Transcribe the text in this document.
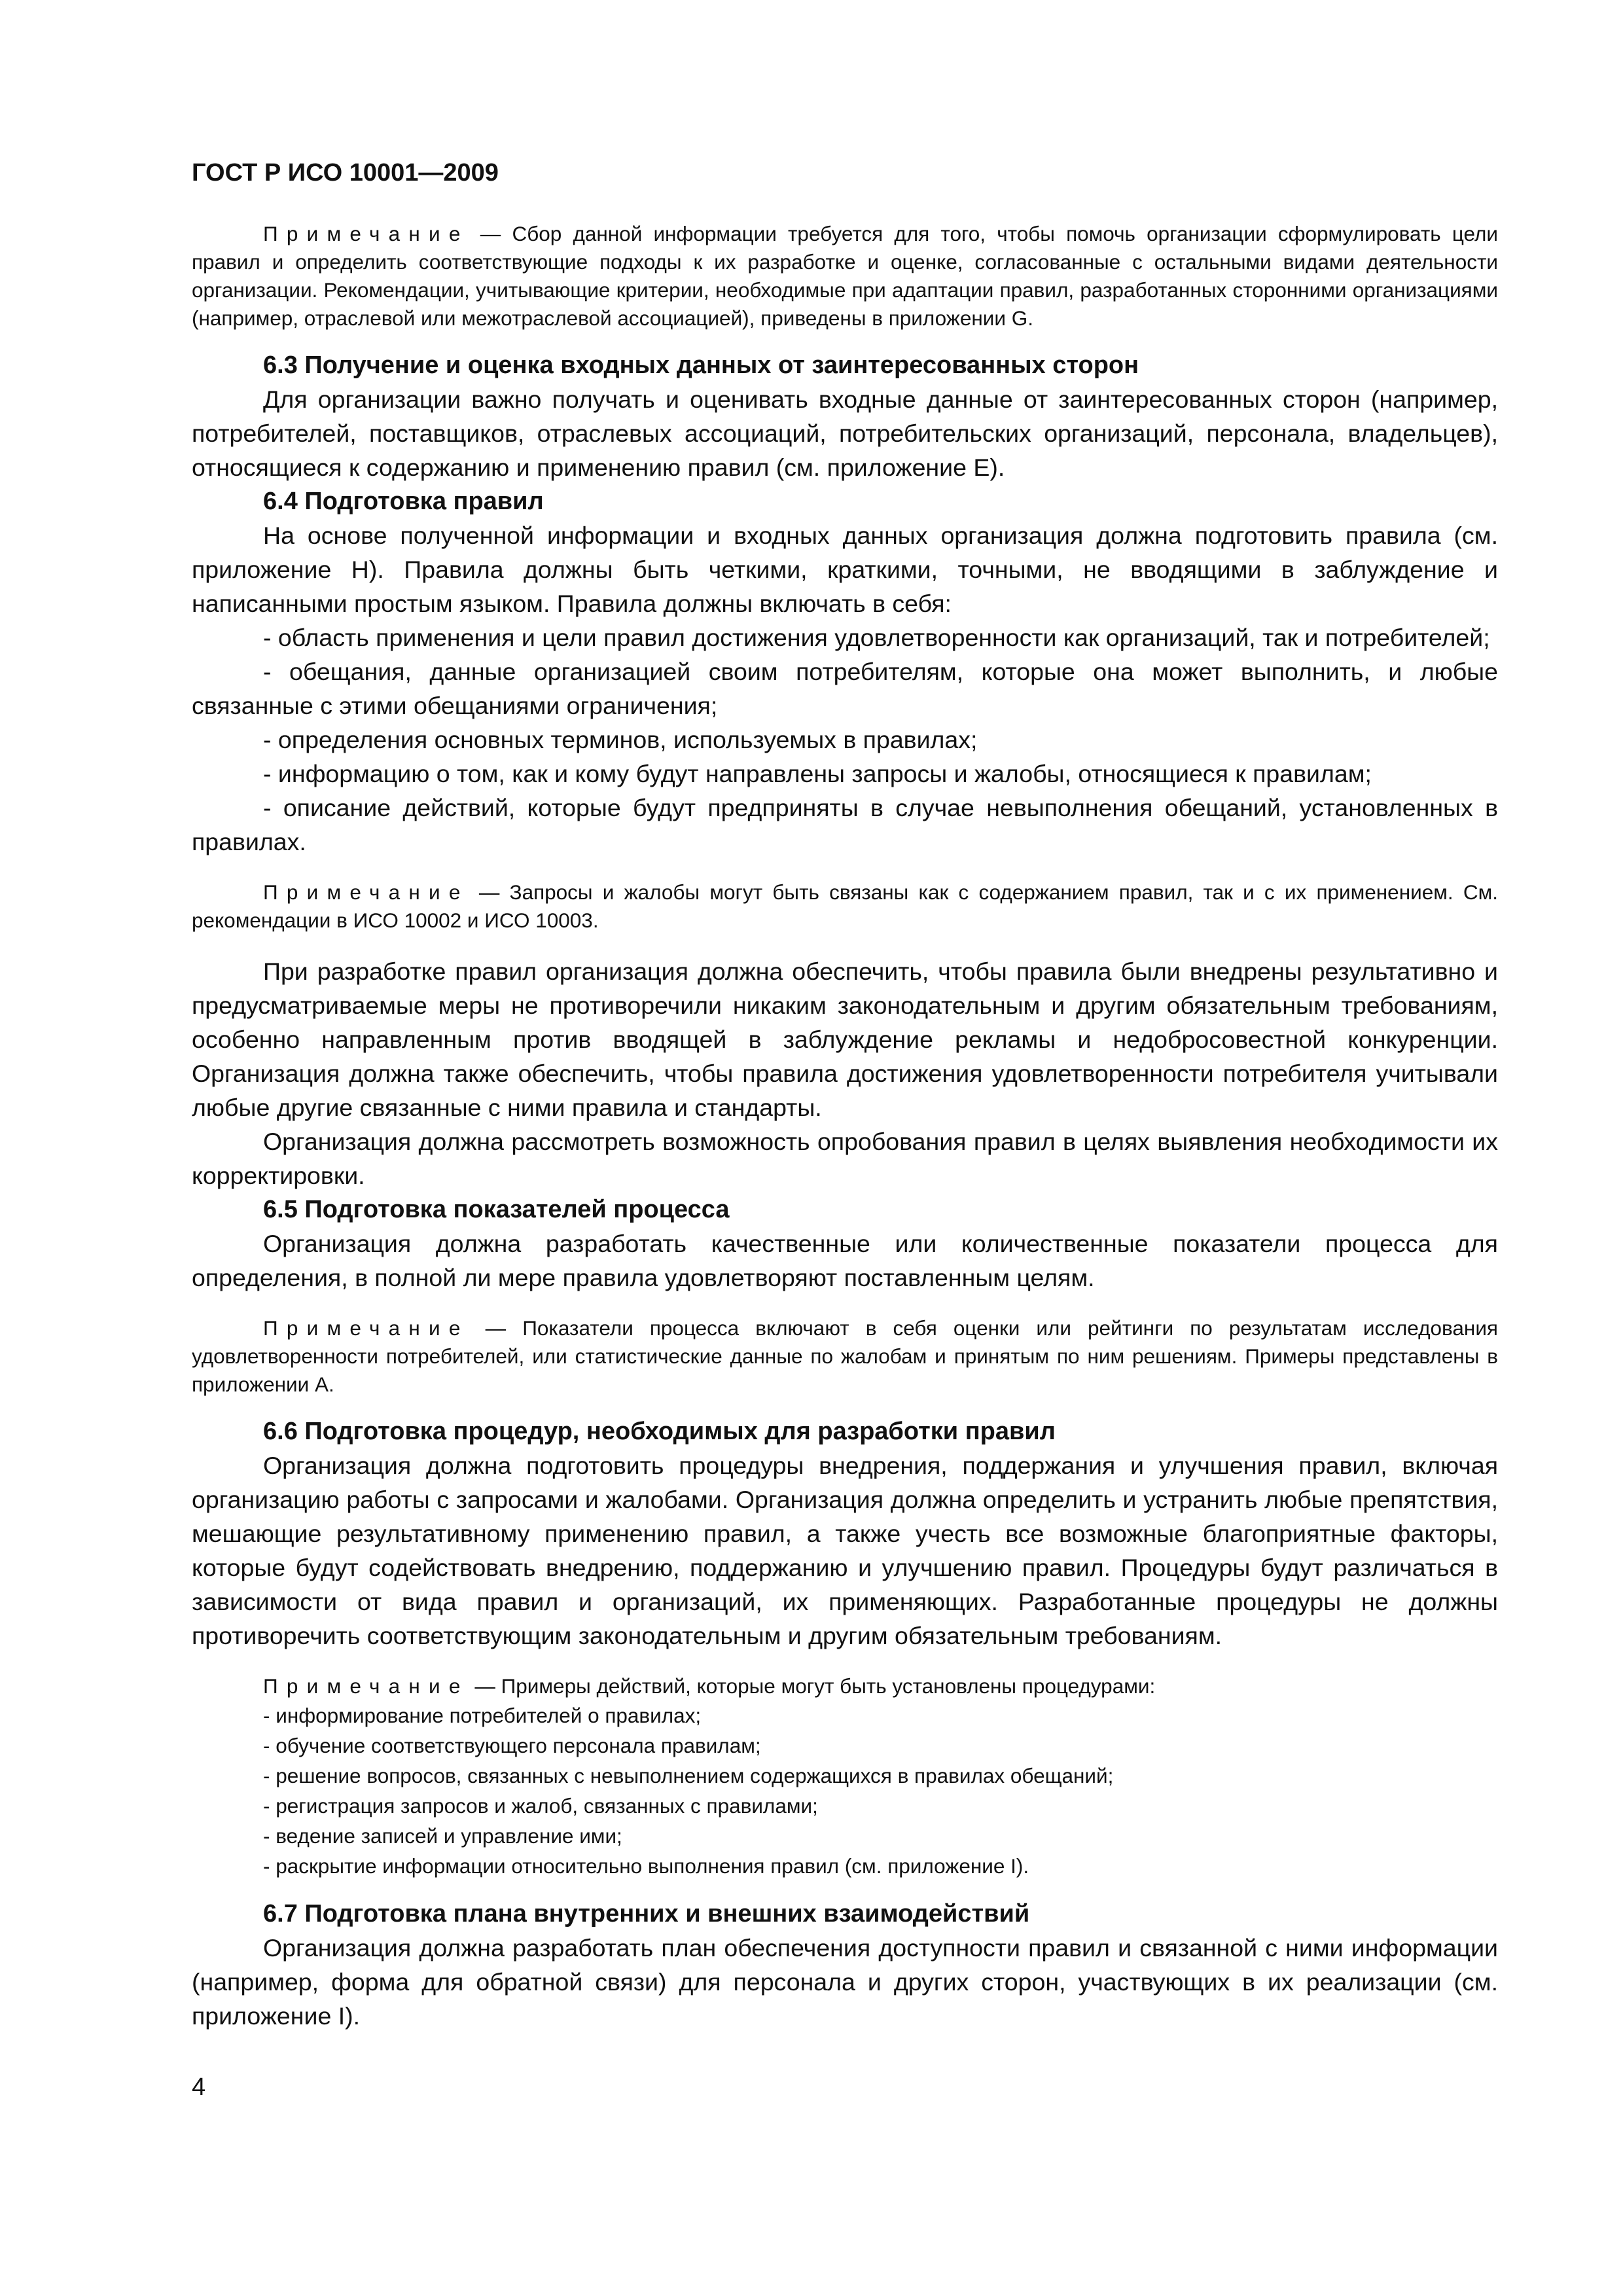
ГОСТ Р ИСО 10001—2009

Примечание — Сбор данной информации требуется для того, чтобы помочь организации сформулировать цели правил и определить соответствующие подходы к их разработке и оценке, согласованные с остальными видами деятельности организации. Рекомендации, учитывающие критерии, необходимые при адаптации правил, разработанных сторонними организациями (например, отраслевой или межотраслевой ассоциацией), приведены в приложении G.

6.3 Получение и оценка входных данных от заинтересованных сторон

Для организации важно получать и оценивать входные данные от заинтересованных сторон (например, потребителей, поставщиков, отраслевых ассоциаций, потребительских организаций, персонала, владельцев), относящиеся к содержанию и применению правил (см. приложение Е).

6.4 Подготовка правил

На основе полученной информации и входных данных организация должна подготовить правила (см. приложение Н). Правила должны быть четкими, краткими, точными, не вводящими в заблуждение и написанными простым языком. Правила должны включать в себя:

- область применения и цели правил достижения удовлетворенности как организаций, так и потребителей;

- обещания, данные организацией своим потребителям, которые она может выполнить, и любые связанные с этими обещаниями ограничения;

- определения основных терминов, используемых в правилах;

- информацию о том, как и кому будут направлены запросы и жалобы, относящиеся к правилам;

- описание действий, которые будут предприняты в случае невыполнения обещаний, установленных в правилах.

Примечание — Запросы и жалобы могут быть связаны как с содержанием правил, так и с их применением. См. рекомендации в ИСО 10002 и ИСО 10003.

При разработке правил организация должна обеспечить, чтобы правила были внедрены результативно и предусматриваемые меры не противоречили никаким законодательным и другим обязательным требованиям, особенно направленным против вводящей в заблуждение рекламы и недобросовестной конкуренции. Организация должна также обеспечить, чтобы правила достижения удовлетворенности потребителя учитывали любые другие связанные с ними правила и стандарты.

Организация должна рассмотреть возможность опробования правил в целях выявления необходимости их корректировки.

6.5 Подготовка показателей процесса

Организация должна разработать качественные или количественные показатели процесса для определения, в полной ли мере правила удовлетворяют поставленным целям.

Примечание — Показатели процесса включают в себя оценки или рейтинги по результатам исследования удовлетворенности потребителей, или статистические данные по жалобам и принятым по ним решениям. Примеры представлены в приложении А.

6.6 Подготовка процедур, необходимых для разработки правил

Организация должна подготовить процедуры внедрения, поддержания и улучшения правил, включая организацию работы с запросами и жалобами. Организация должна определить и устранить любые препятствия, мешающие результативному применению правил, а также учесть все возможные благоприятные факторы, которые будут содействовать внедрению, поддержанию и улучшению правил. Процедуры будут различаться в зависимости от вида правил и организаций, их применяющих. Разработанные процедуры не должны противоречить соответствующим законодательным и другим обязательным требованиям.

Примечание — Примеры действий, которые могут быть установлены процедурами:

- информирование потребителей о правилах;
- обучение соответствующего персонала правилам;
- решение вопросов, связанных с невыполнением содержащихся в правилах обещаний;
- регистрация запросов и жалоб, связанных с правилами;
- ведение записей и управление ими;
- раскрытие информации относительно выполнения правил (см. приложение I).
6.7 Подготовка плана внутренних и внешних взаимодействий

Организация должна разработать план обеспечения доступности правил и связанной с ними информации (например, форма для обратной связи) для персонала и других сторон, участвующих в их реализации (см. приложение I).

4
